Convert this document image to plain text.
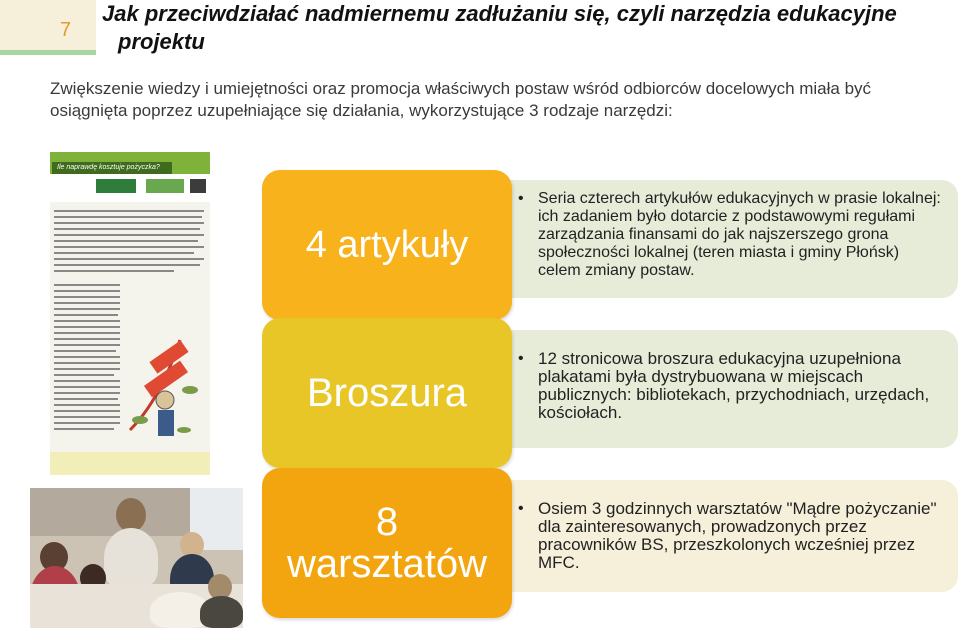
7
Jak przeciwdziałać nadmiernemu zadłużaniu się, czyli narzędzia edukacyjne
projektu
Zwiększenie wiedzy i umiejętności oraz promocja właściwych postaw wśród odbiorców docelowych miała być osiągnięta poprzez uzupełniające się działania, wykorzystujące 3 rodzaje narzędzi:
Ile naprawdę kosztuje pożyczka?
• Seria czterech artykułów edukacyjnych w prasie lokalnej: ich zadaniem było dotarcie z podstawowymi regułami zarządzania finansami do jak najszerszego grona społeczności lokalnej (teren miasta i gminy Płońsk) celem zmiany postaw.

4 artykuły
• 12 stronicowa broszura edukacyjna uzupełniona plakatami była dystrybuowana w miejscach publicznych: bibliotekach, przychodniach, urzędach, kościołach.

Broszura
• Osiem 3 godzinnych warsztatów "Mądre pożyczanie" dla zainteresowanych, prowadzonych przez pracowników BS, przeszkolonych wcześniej przez MFC.

8
warsztatów
